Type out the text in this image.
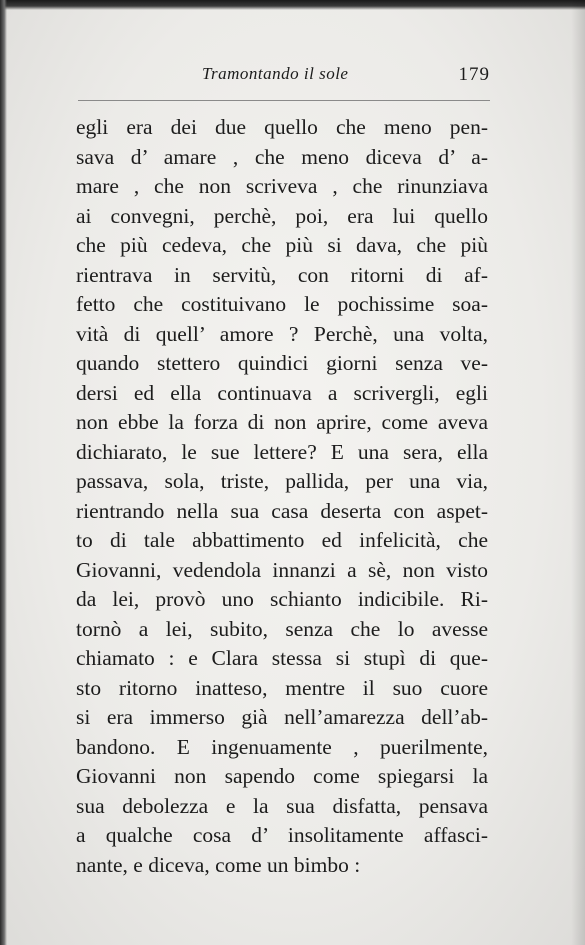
Tramontando il sole	179
egli era dei due quello che meno pen-
sava d’ amare , che meno diceva d’ a-
mare , che non scriveva , che rinunziava
ai convegni, perchè, poi, era lui quello
che più cedeva, che più si dava, che più
rientrava in servitù, con ritorni di af-
fetto che costituivano le pochissime soa-
vità di quell’ amore ? Perchè, una volta,
quando stettero quindici giorni senza ve-
dersi ed ella continuava a scrivergli, egli
non ebbe la forza di non aprire, come aveva
dichiarato, le sue lettere? E una sera, ella
passava, sola, triste, pallida, per una via,
rientrando nella sua casa deserta con aspet-
to di tale abbattimento ed infelicità, che
Giovanni, vedendola innanzi a sè, non visto
da lei, provò uno schianto indicibile. Ri-
tornò a lei, subito, senza che lo avesse
chiamato : e Clara stessa si stupì di que-
sto ritorno inatteso, mentre il suo cuore
si era immerso già nell’amarezza dell’ab-
bandono. E ingenuamente , puerilmente,
Giovanni non sapendo come spiegarsi la
sua debolezza e la sua disfatta, pensava
a qualche cosa d’ insolitamente affasci-
nante, e diceva, come un bimbo :
